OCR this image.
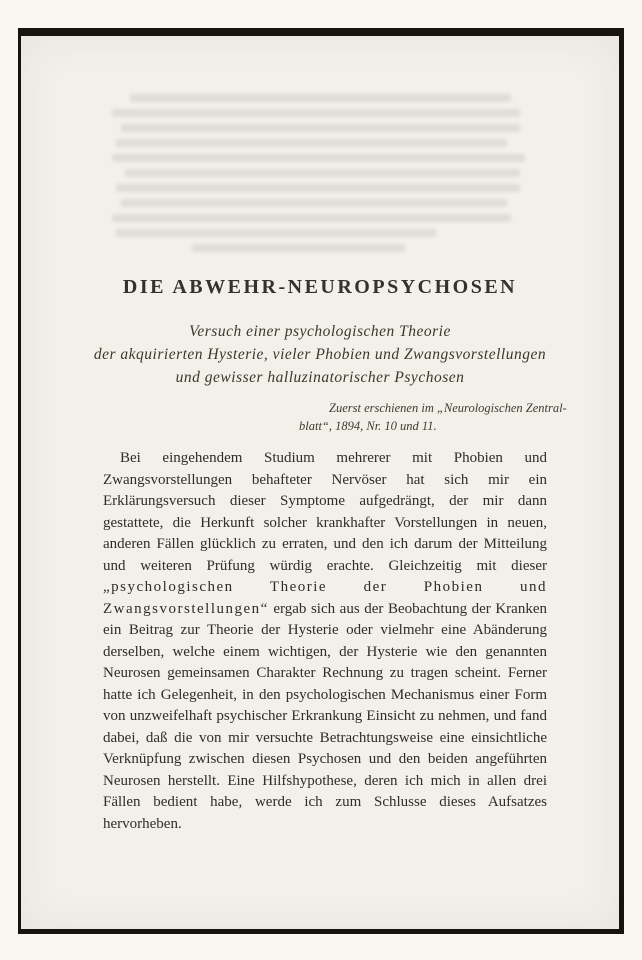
DIE ABWEHR-NEUROPSYCHOSEN
Versuch einer psychologischen Theorie
der akquirierten Hysterie, vieler Phobien und Zwangsvorstellungen
und gewisser halluzinatorischer Psychosen
Zuerst erschienen im „Neurologischen Zentral-
blatt“, 1894, Nr. 10 und 11.

Bei eingehendem Studium mehrerer mit Phobien und Zwangsvorstellungen behafteter Nervöser hat sich mir ein Erklärungsversuch dieser Symptome aufgedrängt, der mir dann gestattete, die Herkunft solcher krankhafter Vorstellungen in neuen, anderen Fällen glücklich zu erraten, und den ich darum der Mitteilung und weiteren Prüfung würdig erachte. Gleichzeitig mit dieser „psychologischen Theorie der Phobien und Zwangsvorstellungen“ ergab sich aus der Beobachtung der Kranken ein Beitrag zur Theorie der Hysterie oder vielmehr eine Abänderung derselben, welche einem wichtigen, der Hysterie wie den genannten Neurosen gemeinsamen Charakter Rechnung zu tragen scheint. Ferner hatte ich Gelegenheit, in den psychologischen Mechanismus einer Form von unzweifelhaft psychischer Erkrankung Einsicht zu nehmen, und fand dabei, daß die von mir versuchte Betrachtungsweise eine einsichtliche Verknüpfung zwischen diesen Psychosen und den beiden angeführten Neurosen herstellt. Eine Hilfshypothese, deren ich mich in allen drei Fällen bedient habe, werde ich zum Schlusse dieses Aufsatzes hervorheben.
